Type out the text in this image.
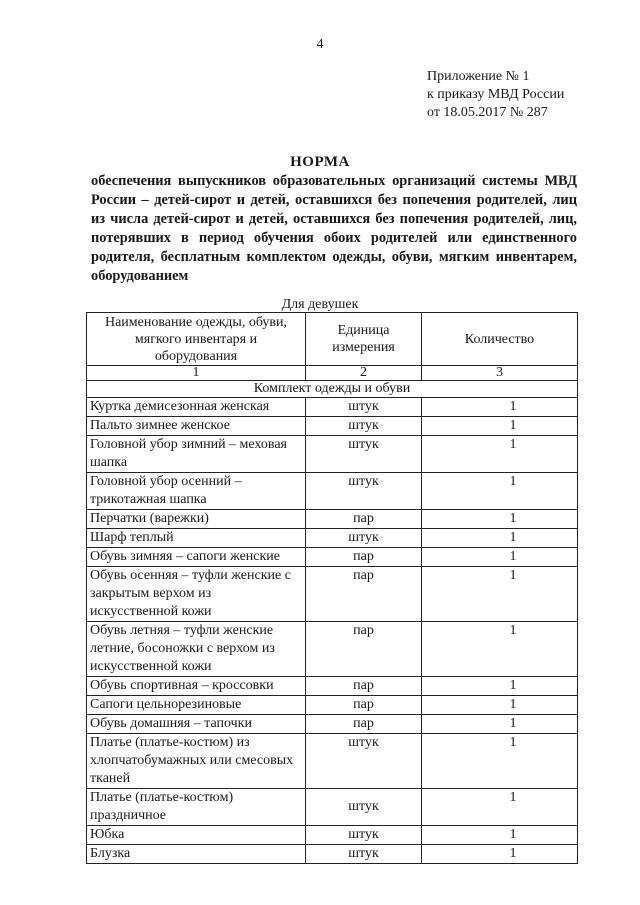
4
Приложение № 1
к приказу МВД России
от 18.05.2017 № 287
НОРМА
обеспечения выпускников образовательных организаций системы МВД России – детей-сирот и детей, оставшихся без попечения родителей, лиц из числа детей-сирот и детей, оставшихся без попечения родителей, лиц, потерявших в период обучения обоих родителей или единственного родителя, бесплатным комплектом одежды, обуви, мягким инвентарем, оборудованием
Для девушек
Наименование одежды, обуви, мягкого инвентаря и оборудования	Единица измерения	Количество
1	2	3
Комплект одежды и обуви		
Куртка демисезонная женская	штук	1
Пальто зимнее женское	штук	1
Головной убор зимний – меховая шапка	штук	1
Головной убор осенний – трикотажная шапка	штук	1
Перчатки (варежки)	пар	1
Шарф теплый	штук	1
Обувь зимняя – сапоги женские	пар	1
Обувь осенняя – туфли женские с закрытым верхом из искусственной кожи	пар	1
Обувь летняя – туфли женские летние, босоножки с верхом из искусственной кожи	пар	1
Обувь спортивная – кроссовки	пар	1
Сапоги цельнорезиновые	пар	1
Обувь домашняя – тапочки	пар	1
Платье (платье-костюм) из хлопчатобумажных или смесовых тканей	штук	1
Платье (платье-костюм) праздничное	штук	1
Юбка	штук	1
Блузка	штук	1
